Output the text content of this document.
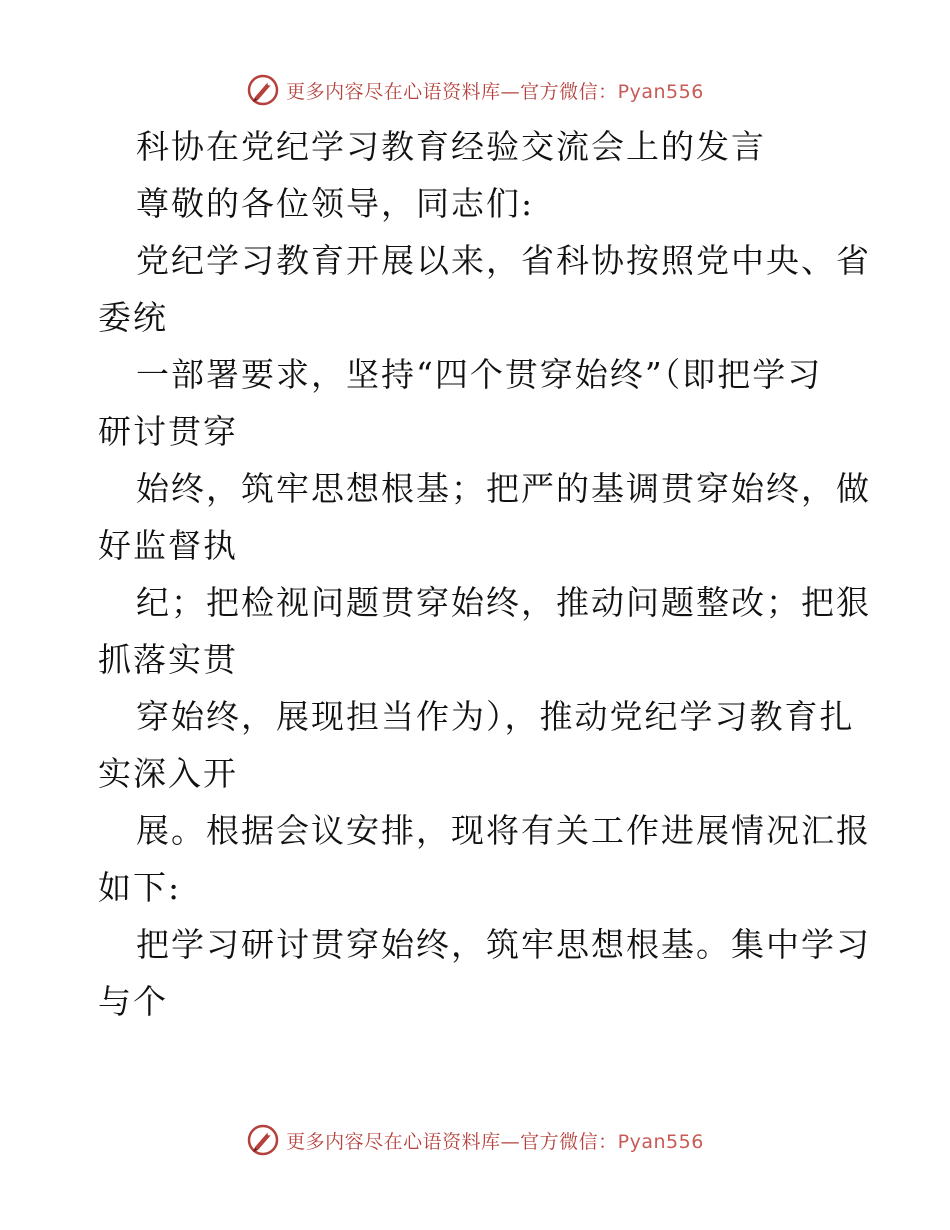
更多内容尽在心语资料库—官方微信：Pyan556
科协在党纪学习教育经验交流会上的发言
尊敬的各位领导，同志们:
党纪学习教育开展以来，省科协按照党中央、省
委统
一部署要求，坚持“四个贯穿始终”（即把学习
研讨贯穿
始终，筑牢思想根基；把严的基调贯穿始终，做
好监督执
纪；把检视问题贯穿始终，推动问题整改；把狠
抓落实贯
穿始终，展现担当作为），推动党纪学习教育扎
实深入开
展。根据会议安排，现将有关工作进展情况汇报
如下:
把学习研讨贯穿始终，筑牢思想根基。集中学习
与个
更多内容尽在心语资料库—官方微信：Pyan556
